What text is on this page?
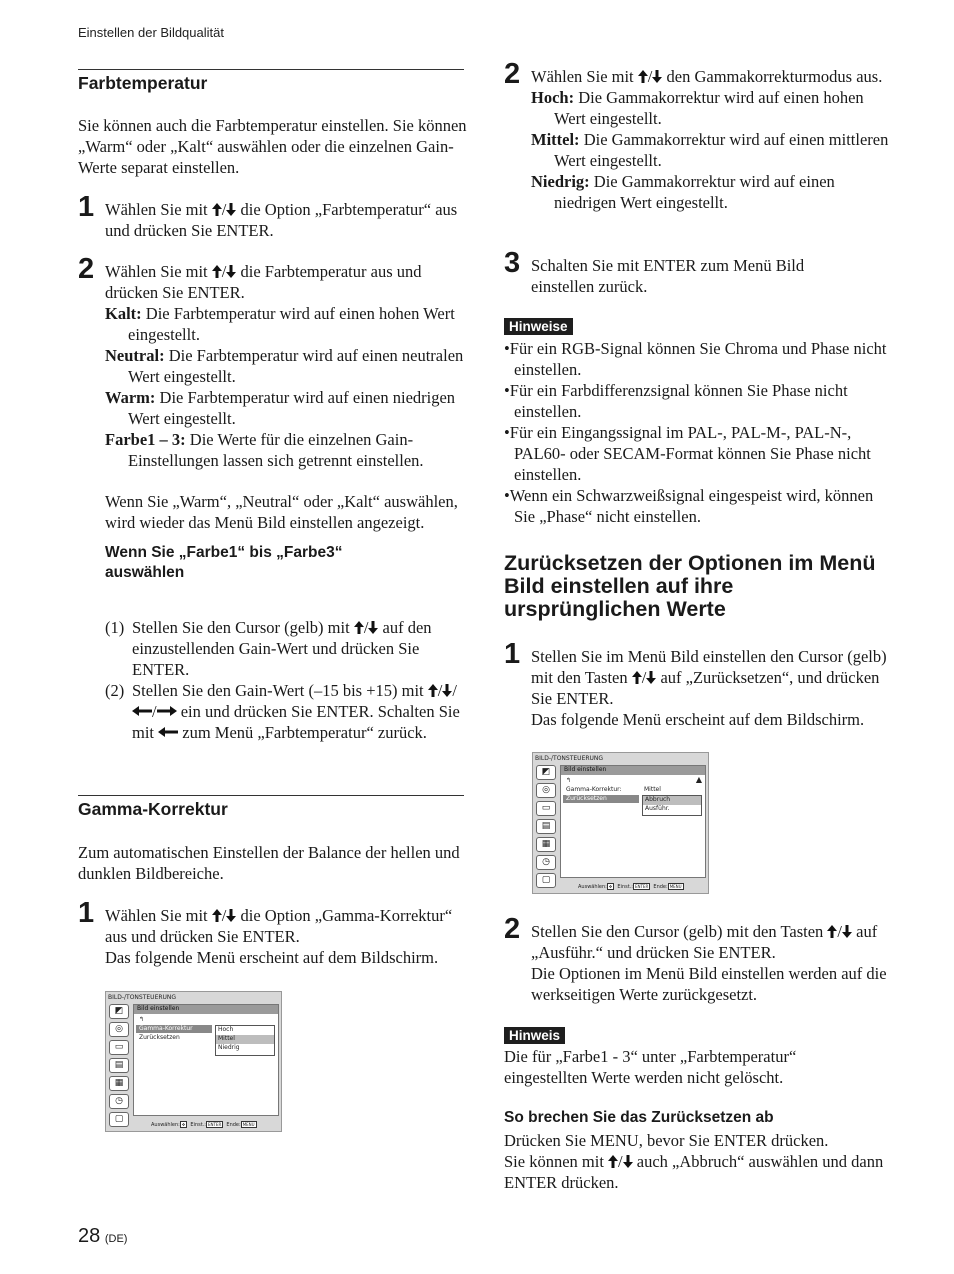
Einstellen der Bildqualität
Farbtemperatur
Sie können auch die Farbtemperatur einstellen. Sie können „Warm“ oder „Kalt“ auswählen oder die einzelnen Gain-Werte separat einstellen.
1 Wählen Sie mit / die Option „Farbtemperatur“ aus und drücken Sie ENTER.
2 Wählen Sie mit / die Farbtemperatur aus und drücken Sie ENTER.
Kalt: Die Farbtemperatur wird auf einen hohen Wert eingestellt.
Neutral: Die Farbtemperatur wird auf einen neutralen Wert eingestellt.
Warm: Die Farbtemperatur wird auf einen niedrigen Wert eingestellt.
Farbe1 – 3: Die Werte für die einzelnen Gain-Einstellungen lassen sich getrennt einstellen.
Wenn Sie „Warm“, „Neutral“ oder „Kalt“ auswählen, wird wieder das Menü Bild einstellen angezeigt.
Wenn Sie „Farbe1“ bis „Farbe3“ auswählen
(1) Stellen Sie den Cursor (gelb) mit / auf den einzustellenden Gain-Wert und drücken Sie ENTER.
(2) Stellen Sie den Gain-Wert (–15 bis +15) mit / // ein und drücken Sie ENTER. Schalten Sie mit zum Menü „Farbtemperatur“ zurück.
Gamma-Korrektur
Zum automatischen Einstellen der Balance der hellen und dunklen Bildbereiche.
1 Wählen Sie mit / die Option „Gamma-Korrektur“ aus und drücken Sie ENTER.
Das folgende Menü erscheint auf dem Bildschirm.
BILD-/TONSTEUERUNG
◩
◎
▭
▤
▦
◷
▢
Bild einstellen
↰
Gamma-Korrektur
Zurücksetzen
Hoch
Mittel
Niedrig
Auswählen: ✥ Einst.: ENTER Ende: MENU
2 Wählen Sie mit / den Gammakorrekturmodus aus.
Hoch: Die Gammakorrektur wird auf einen hohen Wert eingestellt.
Mittel: Die Gammakorrektur wird auf einen mittleren Wert eingestellt.
Niedrig: Die Gammakorrektur wird auf einen niedrigen Wert eingestellt.
3 Schalten Sie mit ENTER zum Menü Bild einstellen zurück.
Hinweise
•Für ein RGB-Signal können Sie Chroma und Phase nicht einstellen.
•Für ein Farbdifferenzsignal können Sie Phase nicht einstellen.
•Für ein Eingangssignal im PAL-, PAL-M-, PAL-N-, PAL60- oder SECAM-Format können Sie Phase nicht einstellen.
•Wenn ein Schwarzweißsignal eingespeist wird, können Sie „Phase“ nicht einstellen.
Zurücksetzen der Optionen im Menü Bild einstellen auf ihre ursprünglichen Werte
1 Stellen Sie im Menü Bild einstellen den Cursor (gelb) mit den Tasten / auf „Zurücksetzen“, und drücken Sie ENTER.
Das folgende Menü erscheint auf dem Bildschirm.
BILD-/TONSTEUERUNG
◩
◎
▭
▤
▦
◷
▢
Bild einstellen
↰	▲
Gamma-Korrektur:	Mittel
Zurücksetzen	Abbruch
Ausführ.
Auswählen: ✥ Einst.: ENTER Ende: MENU
2 Stellen Sie den Cursor (gelb) mit den Tasten / auf „Ausführ.“ und drücken Sie ENTER.
Die Optionen im Menü Bild einstellen werden auf die werkseitigen Werte zurückgesetzt.
Hinweis
Die für „Farbe1 - 3“ unter „Farbtemperatur“ eingestellten Werte werden nicht gelöscht.
So brechen Sie das Zurücksetzen ab
Drücken Sie MENU, bevor Sie ENTER drücken.
Sie können mit / auch „Abbruch“ auswählen und dann ENTER drücken.
28 (DE)
